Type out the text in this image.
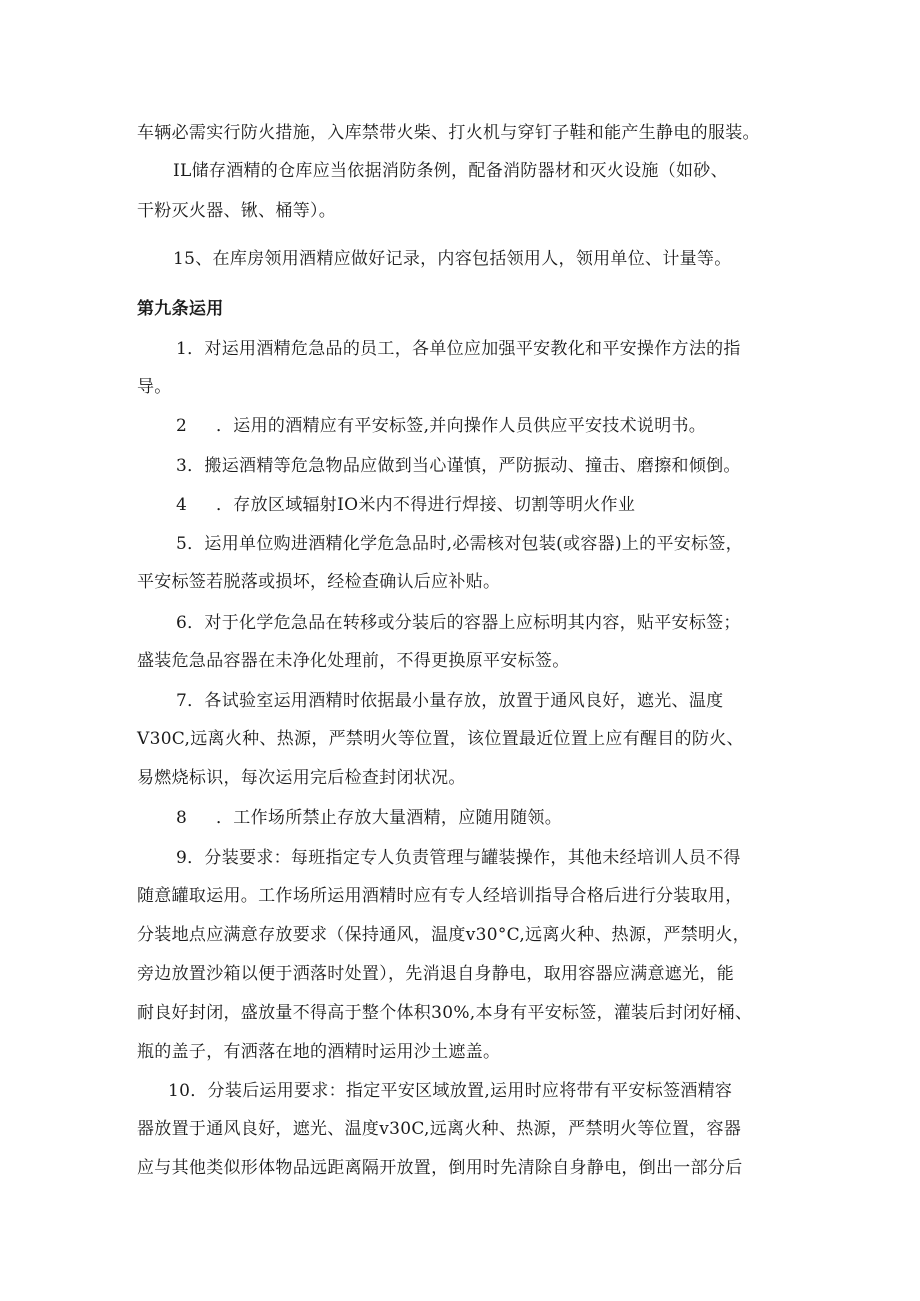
车辆必需实行防火措施，入库禁带火柴、打火机与穿钉子鞋和能产生静电的服装。
IL储存酒精的仓库应当依据消防条例，配备消防器材和灭火设施（如砂、
干粉灭火器、锹、桶等）。
15、在库房领用酒精应做好记录，内容包括领用人，领用单位、计量等。
第九条运用
1．对运用酒精危急品的员工，各单位应加强平安教化和平安操作方法的指
导。
2 ．运用的酒精应有平安标签,并向操作人员供应平安技术说明书。
3．搬运酒精等危急物品应做到当心谨慎，严防振动、撞击、磨擦和倾倒。
4 ．存放区域辐射IO米内不得进行焊接、切割等明火作业
5．运用单位购进酒精化学危急品时,必需核对包装(或容器)上的平安标签，
平安标签若脱落或损坏，经检查确认后应补贴。
6．对于化学危急品在转移或分装后的容器上应标明其内容，贴平安标签；
盛装危急品容器在未净化处理前，不得更换原平安标签。
7．各试验室运用酒精时依据最小量存放，放置于通风良好，遮光、温度
V30C,远离火种、热源，严禁明火等位置，该位置最近位置上应有醒目的防火、
易燃烧标识，每次运用完后检查封闭状况。
8 ．工作场所禁止存放大量酒精，应随用随领。
9．分装要求：每班指定专人负责管理与罐装操作，其他未经培训人员不得
随意罐取运用。工作场所运用酒精时应有专人经培训指导合格后进行分装取用，
分装地点应满意存放要求（保持通风，温度v30°C,远离火种、热源，严禁明火，
旁边放置沙箱以便于洒落时处置），先消退自身静电，取用容器应满意遮光，能
耐良好封闭，盛放量不得高于整个体积30%,本身有平安标签，灌装后封闭好桶、
瓶的盖子，有洒落在地的酒精时运用沙土遮盖。
10．分装后运用要求：指定平安区域放置,运用时应将带有平安标签酒精容
器放置于通风良好，遮光、温度v30C,远离火种、热源，严禁明火等位置，容器
应与其他类似形体物品远距离隔开放置，倒用时先清除自身静电，倒出一部分后
